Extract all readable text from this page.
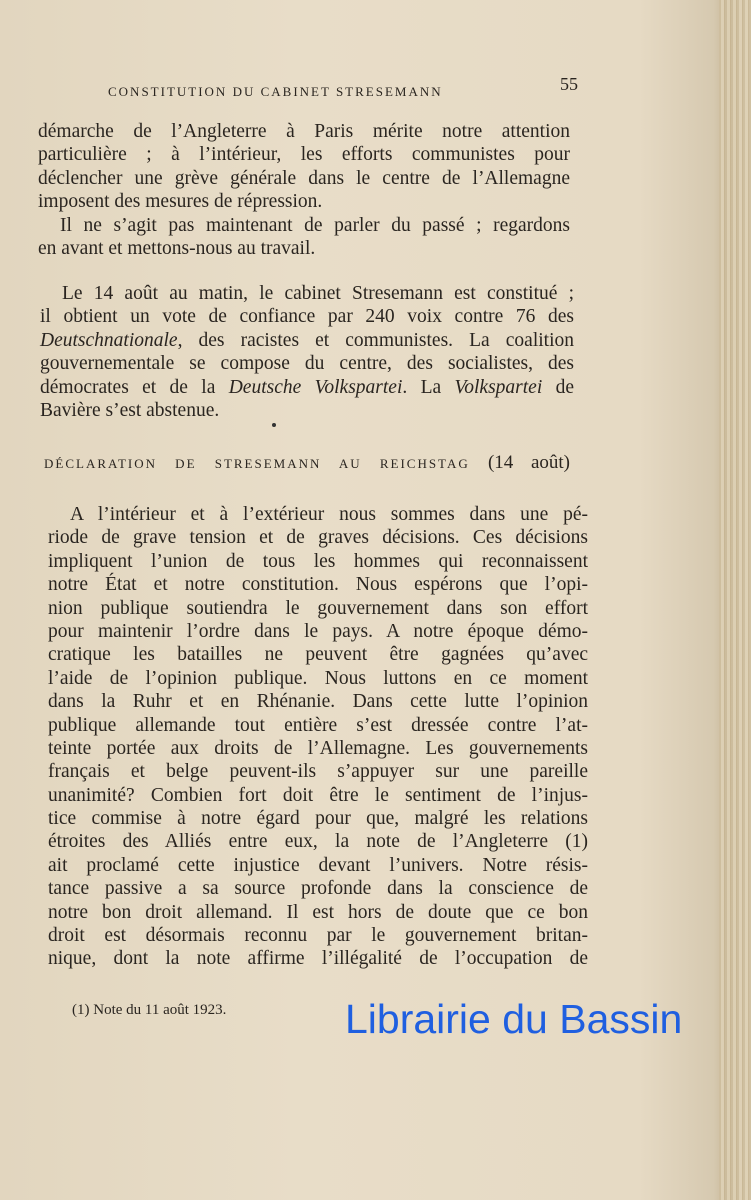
CONSTITUTION DU CABINET STRESEMANN	55
démarche de l’Angleterre à Paris mérite notre attention
particulière ; à l’intérieur, les efforts communistes pour
déclencher une grève générale dans le centre de l’Allemagne
imposent des mesures de répression.
Il ne s’agit pas maintenant de parler du passé ; regardons
en avant et mettons-nous au travail.
Le 14 août au matin, le cabinet Stresemann est constitué ;
il obtient un vote de confiance par 240 voix contre 76 des
Deutschnationale, des racistes et communistes. La coalition
gouvernementale se compose du centre, des socialistes, des
démocrates et de la Deutsche Volkspartei. La Volkspartei de
Bavière s’est abstenue.
DÉCLARATION DE STRESEMANN AU REICHSTAG (14 août)
A l’intérieur et à l’extérieur nous sommes dans une pé-
riode de grave tension et de graves décisions. Ces décisions
impliquent l’union de tous les hommes qui reconnaissent
notre État et notre constitution. Nous espérons que l’opi-
nion publique soutiendra le gouvernement dans son effort
pour maintenir l’ordre dans le pays. A notre époque démo-
cratique les batailles ne peuvent être gagnées qu’avec
l’aide de l’opinion publique. Nous luttons en ce moment
dans la Ruhr et en Rhénanie. Dans cette lutte l’opinion
publique allemande tout entière s’est dressée contre l’at-
teinte portée aux droits de l’Allemagne. Les gouvernements
français et belge peuvent-ils s’appuyer sur une pareille
unanimité? Combien fort doit être le sentiment de l’injus-
tice commise à notre égard pour que, malgré les relations
étroites des Alliés entre eux, la note de l’Angleterre (1)
ait proclamé cette injustice devant l’univers. Notre résis-
tance passive a sa source profonde dans la conscience de
notre bon droit allemand. Il est hors de doute que ce bon
droit est désormais reconnu par le gouvernement britan-
nique, dont la note affirme l’illégalité de l’occupation de
(1) Note du 11 août 1923.	Librairie du Bassin
